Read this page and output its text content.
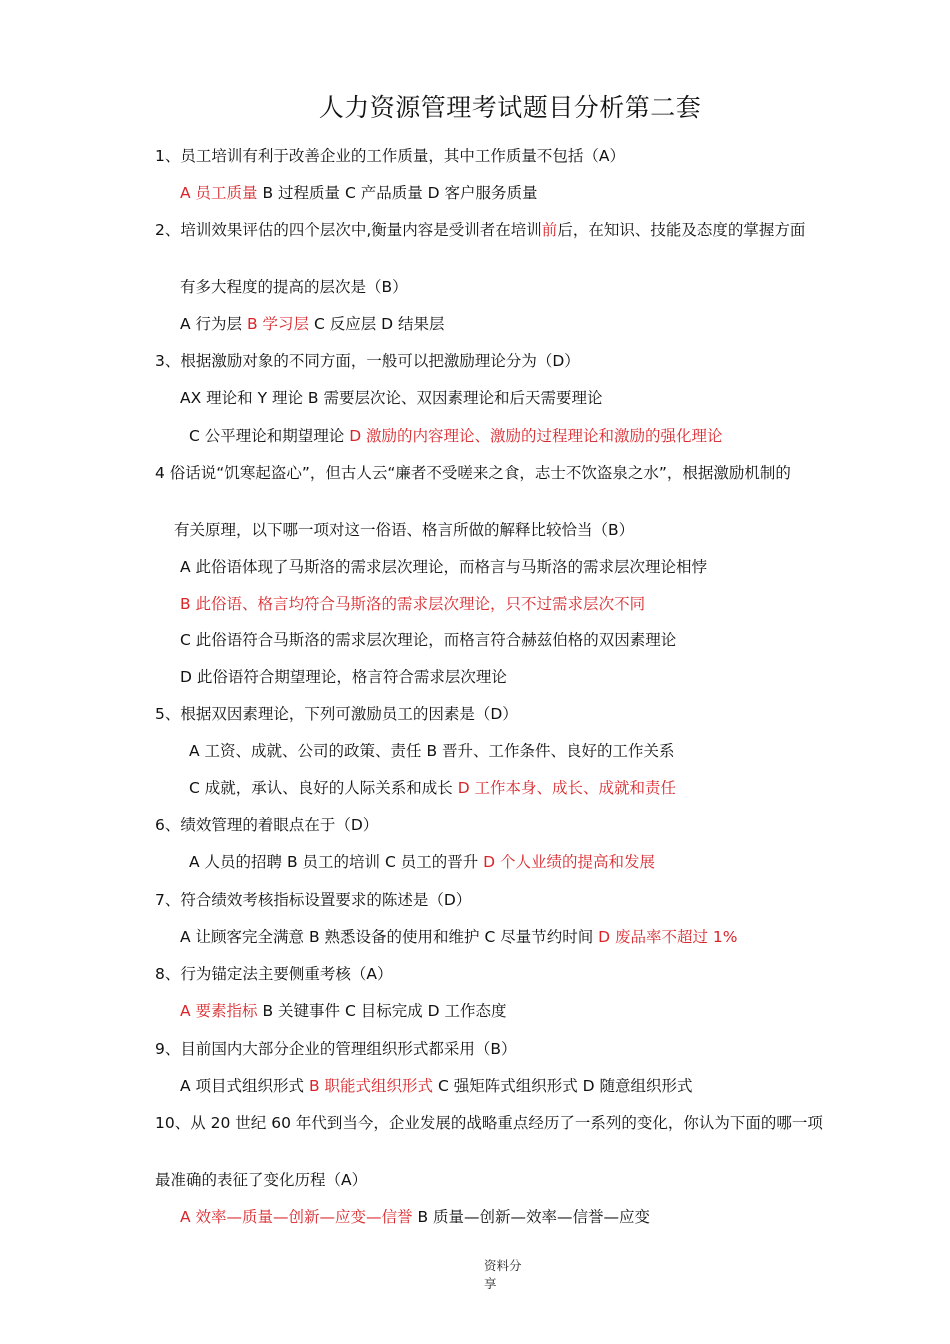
人力资源管理考试题目分析第二套
1、员工培训有利于改善企业的工作质量，其中工作质量不包括（A）
A 员工质量 B 过程质量 C 产品质量 D 客户服务质量
2、培训效果评估的四个层次中,衡量内容是受训者在培训前后，在知识、技能及态度的掌握方面
有多大程度的提高的层次是（B）
A 行为层 B 学习层 C 反应层 D 结果层
3、根据激励对象的不同方面，一般可以把激励理论分为（D）
AX 理论和 Y 理论 B 需要层次论、双因素理论和后天需要理论
C 公平理论和期望理论 D 激励的内容理论、激励的过程理论和激励的强化理论
4 俗话说“饥寒起盗心”，但古人云“廉者不受嗟来之食，志士不饮盗泉之水”，根据激励机制的
有关原理，以下哪一项对这一俗语、格言所做的解释比较恰当（B）
A 此俗语体现了马斯洛的需求层次理论，而格言与马斯洛的需求层次理论相悖
B 此俗语、格言均符合马斯洛的需求层次理论，只不过需求层次不同
C 此俗语符合马斯洛的需求层次理论，而格言符合赫兹伯格的双因素理论
D 此俗语符合期望理论，格言符合需求层次理论
5、根据双因素理论，下列可激励员工的因素是（D）
A 工资、成就、公司的政策、责任 B 晋升、工作条件、良好的工作关系
C 成就，承认、良好的人际关系和成长 D 工作本身、成长、成就和责任
6、绩效管理的着眼点在于（D）
A 人员的招聘 B 员工的培训 C 员工的晋升 D 个人业绩的提高和发展
7、符合绩效考核指标设置要求的陈述是（D）
A 让顾客完全满意 B 熟悉设备的使用和维护 C 尽量节约时间 D 废品率不超过 1%
8、行为锚定法主要侧重考核（A）
A 要素指标 B 关键事件 C 目标完成 D 工作态度
9、目前国内大部分企业的管理组织形式都采用（B）
A 项目式组织形式 B 职能式组织形式 C 强矩阵式组织形式 D 随意组织形式
10、从 20 世纪 60 年代到当今，企业发展的战略重点经历了一系列的变化，你认为下面的哪一项
最准确的表征了变化历程（A）
A 效率—质量—创新—应变—信誉 B 质量—创新—效率—信誉—应变
资料分享
